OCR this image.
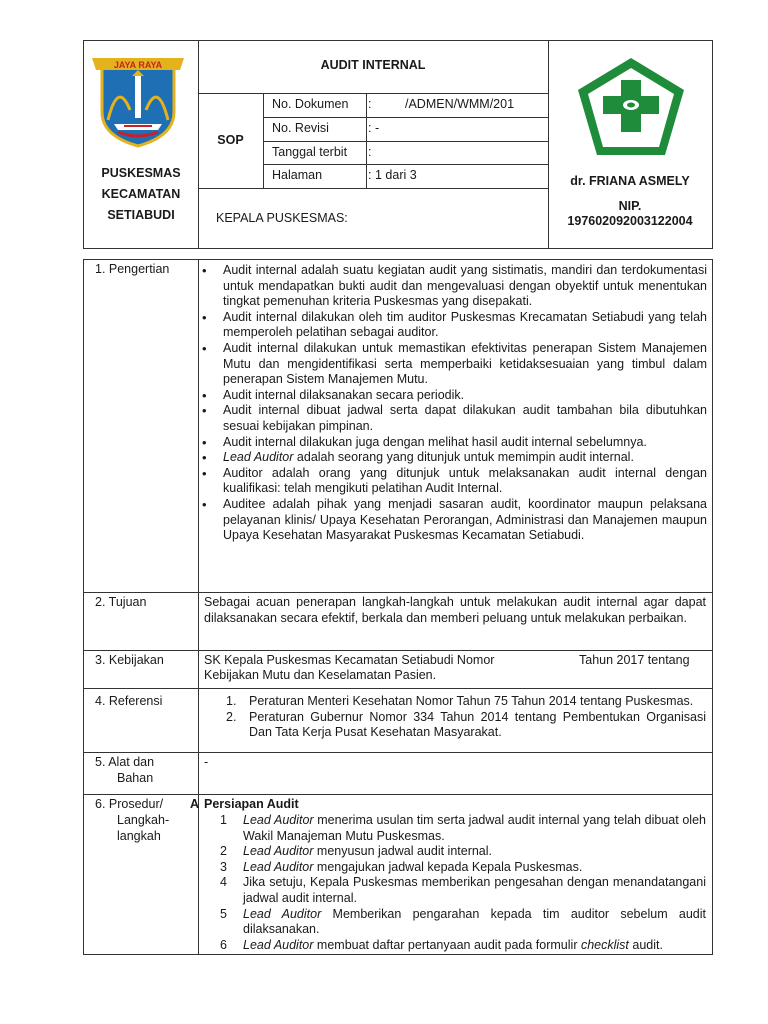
JAYA RAYA
PUSKESMAS
KECAMATAN
SETIABUDI
AUDIT INTERNAL
SOP
No. Dokumen :	/ADMEN/WMM/201
No. Revisi	: -
Tanggal terbit :
Halaman	: 1 dari 3
KEPALA PUSKESMAS:
dr. FRIANA ASMELY
NIP.
197602092003122004
1. Pengertian
•	Audit internal adalah suatu kegiatan audit yang sistimatis, mandiri dan terdokumentasi untuk mendapatkan bukti audit dan mengevaluasi dengan obyektif untuk menentukan tingkat pemenuhan kriteria Puskesmas yang disepakati.
• Audit internal dilakukan oleh tim auditor Puskesmas Krecamatan Setiabudi yang telah memperoleh pelatihan sebagai auditor.
• Audit internal dilakukan untuk memastikan efektivitas penerapan Sistem Manajemen Mutu dan mengidentifikasi serta memperbaiki ketidaksesuaian yang timbul dalam penerapan Sistem Manajemen Mutu.
• Audit internal dilaksanakan secara periodik.
• Audit internal dibuat jadwal serta dapat dilakukan audit tambahan bila dibutuhkan sesuai kebijakan pimpinan.
• Audit internal dilakukan juga dengan melihat hasil audit internal sebelumnya.
• Lead Auditor adalah seorang yang ditunjuk untuk memimpin audit internal.
• Auditor adalah orang yang ditunjuk untuk melaksanakan audit internal dengan kualifikasi: telah mengikuti pelatihan Audit Internal.
• Auditee adalah pihak yang menjadi sasaran audit, koordinator maupun pelaksana pelayanan klinis/ Upaya Kesehatan Perorangan, Administrasi dan Manajemen maupun Upaya Kesehatan Masyarakat Puskesmas Kecamatan Setiabudi.
2. Tujuan	Sebagai acuan penerapan langkah-langkah untuk melakukan audit internal agar dapat dilaksanakan secara efektif, berkala dan memberi peluang untuk melakukan perbaikan.
3. Kebijakan	SK Kepala Puskesmas Kecamatan Setiabudi Nomor	Tahun 2017 tentang
Kebijakan Mutu dan Keselamatan Pasien.
4. Referensi	1. Peraturan Menteri Kesehatan Nomor Tahun 75 Tahun 2014 tentang Puskesmas.
2. Peraturan Gubernur Nomor 334 Tahun 2014 tentang Pembentukan Organisasi Dan Tata Kerja Pusat Kesehatan Masyarakat.
5. Alat dan
Bahan
-
6. Prosedur/
Langkah-
langkah
A Persiapan Audit
1 Lead Auditor menerima usulan tim serta jadwal audit internal yang telah dibuat oleh Wakil Manajeman Mutu Puskesmas.
2 Lead Auditor menyusun jadwal audit internal.
3 Lead Auditor mengajukan jadwal kepada Kepala Puskesmas.
4 Jika setuju, Kepala Puskesmas memberikan pengesahan dengan menandatangani jadwal audit internal.
5 Lead Auditor Memberikan pengarahan kepada tim auditor sebelum audit dilaksanakan.
6 Lead Auditor membuat daftar pertanyaan audit pada formulir checklist audit.
